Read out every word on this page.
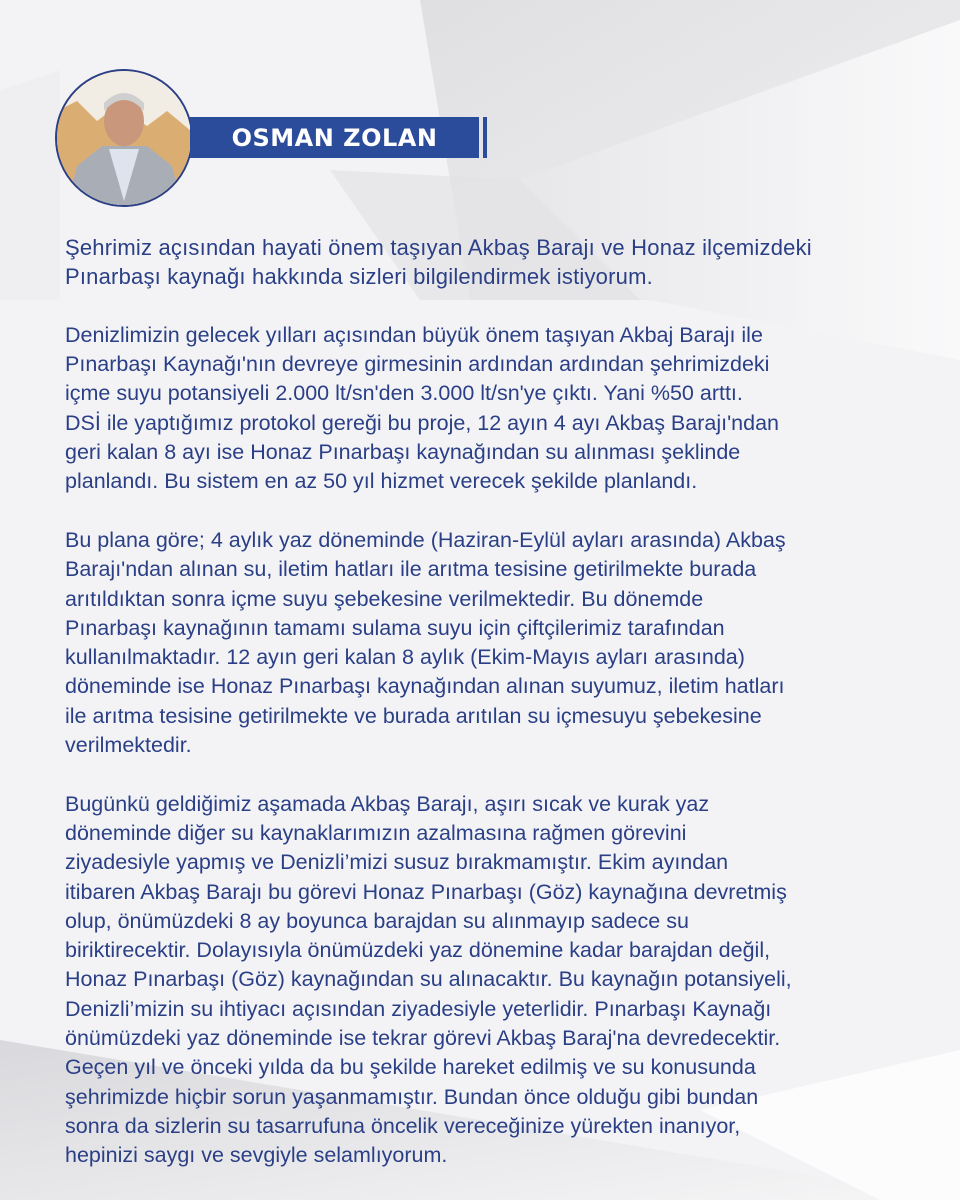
OSMAN ZOLAN

Şehrimiz açısından hayati önem taşıyan Akbaş Barajı ve Honaz ilçemizdeki
Pınarbaşı kaynağı hakkında sizleri bilgilendirmek istiyorum.

Denizlimizin gelecek yılları açısından büyük önem taşıyan Akbaj Barajı ile
Pınarbaşı Kaynağı'nın devreye girmesinin ardından ardından şehrimizdeki
içme suyu potansiyeli 2.000 lt/sn'den 3.000 lt/sn'ye çıktı. Yani %50 arttı.
DSİ ile yaptığımız protokol gereği bu proje, 12 ayın 4 ayı Akbaş Barajı'ndan
geri kalan 8 ayı ise Honaz Pınarbaşı kaynağından su alınması şeklinde
planlandı. Bu sistem en az 50 yıl hizmet verecek şekilde planlandı.

Bu plana göre; 4 aylık yaz döneminde (Haziran-Eylül ayları arasında) Akbaş
Barajı'ndan alınan su, iletim hatları ile arıtma tesisine getirilmekte burada
arıtıldıktan sonra içme suyu şebekesine verilmektedir. Bu dönemde
Pınarbaşı kaynağının tamamı sulama suyu için çiftçilerimiz tarafından
kullanılmaktadır. 12 ayın geri kalan 8 aylık (Ekim-Mayıs ayları arasında)
döneminde ise Honaz Pınarbaşı kaynağından alınan suyumuz, iletim hatları
ile arıtma tesisine getirilmekte ve burada arıtılan su içmesuyu şebekesine
verilmektedir.

Bugünkü geldiğimiz aşamada Akbaş Barajı, aşırı sıcak ve kurak yaz
döneminde diğer su kaynaklarımızın azalmasına rağmen görevini
ziyadesiyle yapmış ve Denizli’mizi susuz bırakmamıştır. Ekim ayından
itibaren Akbaş Barajı bu görevi Honaz Pınarbaşı (Göz) kaynağına devretmiş
olup, önümüzdeki 8 ay boyunca barajdan su alınmayıp sadece su
biriktirecektir. Dolayısıyla önümüzdeki yaz dönemine kadar barajdan değil,
Honaz Pınarbaşı (Göz) kaynağından su alınacaktır. Bu kaynağın potansiyeli,
Denizli’mizin su ihtiyacı açısından ziyadesiyle yeterlidir. Pınarbaşı Kaynağı
önümüzdeki yaz döneminde ise tekrar görevi Akbaş Baraj'na devredecektir.
Geçen yıl ve önceki yılda da bu şekilde hareket edilmiş ve su konusunda
şehrimizde hiçbir sorun yaşanmamıştır. Bundan önce olduğu gibi bundan
sonra da sizlerin su tasarrufuna öncelik vereceğinize yürekten inanıyor,
hepinizi saygı ve sevgiyle selamlıyorum.
